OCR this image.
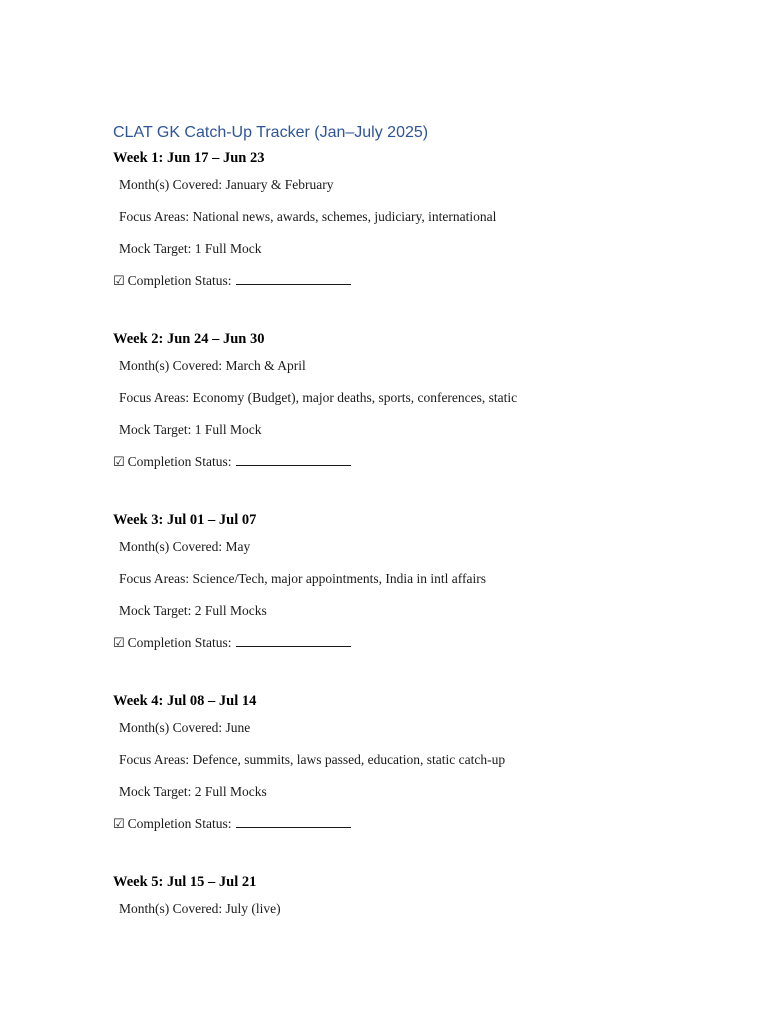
CLAT GK Catch-Up Tracker (Jan–July 2025)
Week 1: Jun 17 – Jun 23
Month(s) Covered: January & February
Focus Areas: National news, awards, schemes, judiciary, international
Mock Target: 1 Full Mock
☑ Completion Status:
Week 2: Jun 24 – Jun 30
Month(s) Covered: March & April
Focus Areas: Economy (Budget), major deaths, sports, conferences, static
Mock Target: 1 Full Mock
☑ Completion Status:
Week 3: Jul 01 – Jul 07
Month(s) Covered: May
Focus Areas: Science/Tech, major appointments, India in intl affairs
Mock Target: 2 Full Mocks
☑ Completion Status:
Week 4: Jul 08 – Jul 14
Month(s) Covered: June
Focus Areas: Defence, summits, laws passed, education, static catch-up
Mock Target: 2 Full Mocks
☑ Completion Status:
Week 5: Jul 15 – Jul 21
Month(s) Covered: July (live)
